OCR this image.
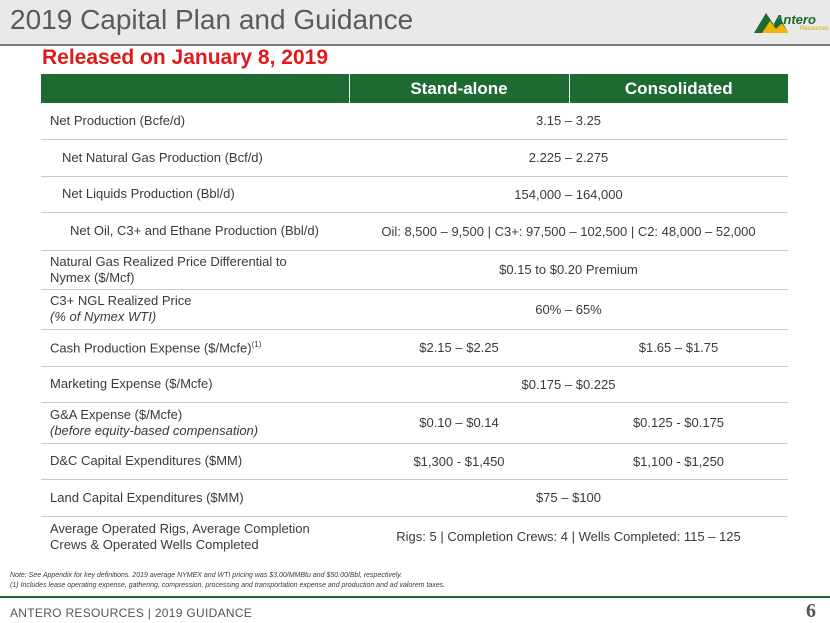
2019 Capital Plan and Guidance	Antero
Resources
Released on January 8, 2019
	Stand-alone	Consolidated
Net Production (Bcfe/d)	3.15 – 3.25	
Net Natural Gas Production (Bcf/d)	2.225 – 2.275	
Net Liquids Production (Bbl/d)	154,000 – 164,000	
Net Oil, C3+ and Ethane Production (Bbl/d)	Oil: 8,500 – 9,500 | C3+: 97,500 – 102,500 | C2: 48,000 – 52,000	
Natural Gas Realized Price Differential to
Nymex ($/Mcf)	$0.15 to $0.20 Premium	
C3+ NGL Realized Price
(% of Nymex WTI)	60% – 65%	
Cash Production Expense ($/Mcfe)$^{(1)}$	$2.15 – $2.25	$1.65 – $1.75
Marketing Expense ($/Mcfe)	$0.175 – $0.225	
G&A Expense ($/Mcfe)
(before equity-based compensation)	$0.10 – $0.14	$0.125 - $0.175
D&C Capital Expenditures ($MM)	$1,300 - $1,450	$1,100 - $1,250
Land Capital Expenditures ($MM)	$75 – $100	
Average Operated Rigs, Average Completion
Crews & Operated Wells Completed	Rigs: 5 | Completion Crews: 4 | Wells Completed: 115 – 125	
Note: See Appendix for key definitions. 2019 average NYMEX and WTI pricing was $3.00/MMBtu and $50.00/Bbl, respectively.
(1) Includes lease operating expense, gathering, compression, processing and transportation expense and production and ad valorem taxes.
ANTERO RESOURCES | 2019 GUIDANCE	6
